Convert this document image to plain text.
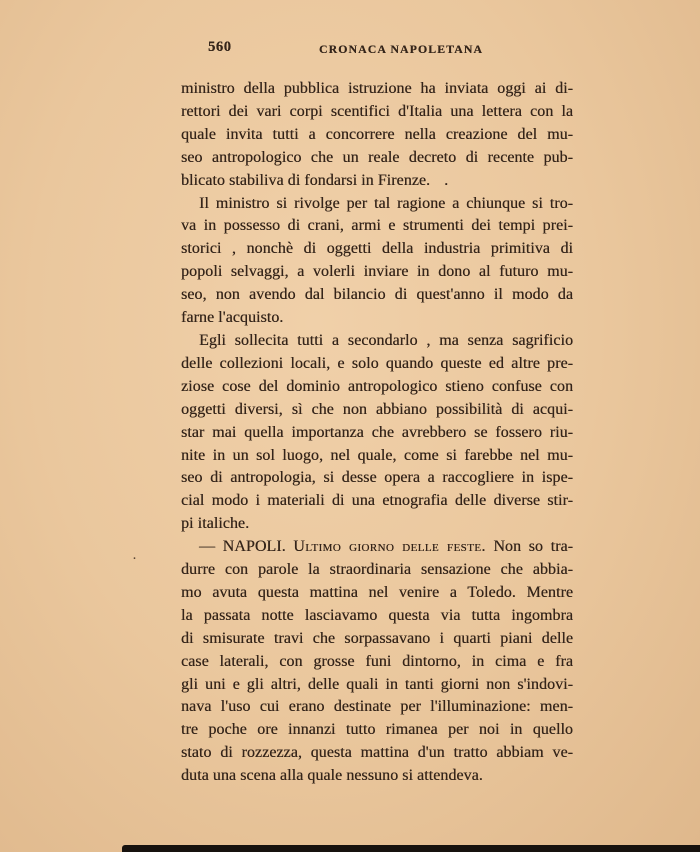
560	CRONACA NAPOLETANA
ministro della pubblica istruzione ha inviata oggi ai di-
rettori dei vari corpi scentifici d'Italia una lettera con la
quale invita tutti a concorrere nella creazione del mu-
seo antropologico che un reale decreto di recente pub-
blicato stabiliva di fondarsi in Firenze. .
Il ministro si rivolge per tal ragione a chiunque si tro-
va in possesso di crani, armi e strumenti dei tempi prei-
storici , nonchè di oggetti della industria primitiva di
popoli selvaggi, a volerli inviare in dono al futuro mu-
seo, non avendo dal bilancio di quest'anno il modo da
farne l'acquisto.
Egli sollecita tutti a secondarlo , ma senza sagrificio
delle collezioni locali, e solo quando queste ed altre pre-
ziose cose del dominio antropologico stieno confuse con
oggetti diversi, sì che non abbiano possibilità di acqui-
star mai quella importanza che avrebbero se fossero riu-
nite in un sol luogo, nel quale, come si farebbe nel mu-
seo di antropologia, si desse opera a raccogliere in ispe-
cial modo i materiali di una etnografia delle diverse stir-
pi italiche.
— NAPOLI. Ultimo giorno delle feste. Non so tra-
durre con parole la straordinaria sensazione che abbia-
mo avuta questa mattina nel venire a Toledo. Mentre
la passata notte lasciavamo questa via tutta ingombra
di smisurate travi che sorpassavano i quarti piani delle
case laterali, con grosse funi dintorno, in cima e fra
gli uni e gli altri, delle quali in tanti giorni non s'indovi-
nava l'uso cui erano destinate per l'illuminazione: men-
tre poche ore innanzi tutto rimanea per noi in quello
stato di rozzezza, questa mattina d'un tratto abbiam ve-
duta una scena alla quale nessuno si attendeva.
·
